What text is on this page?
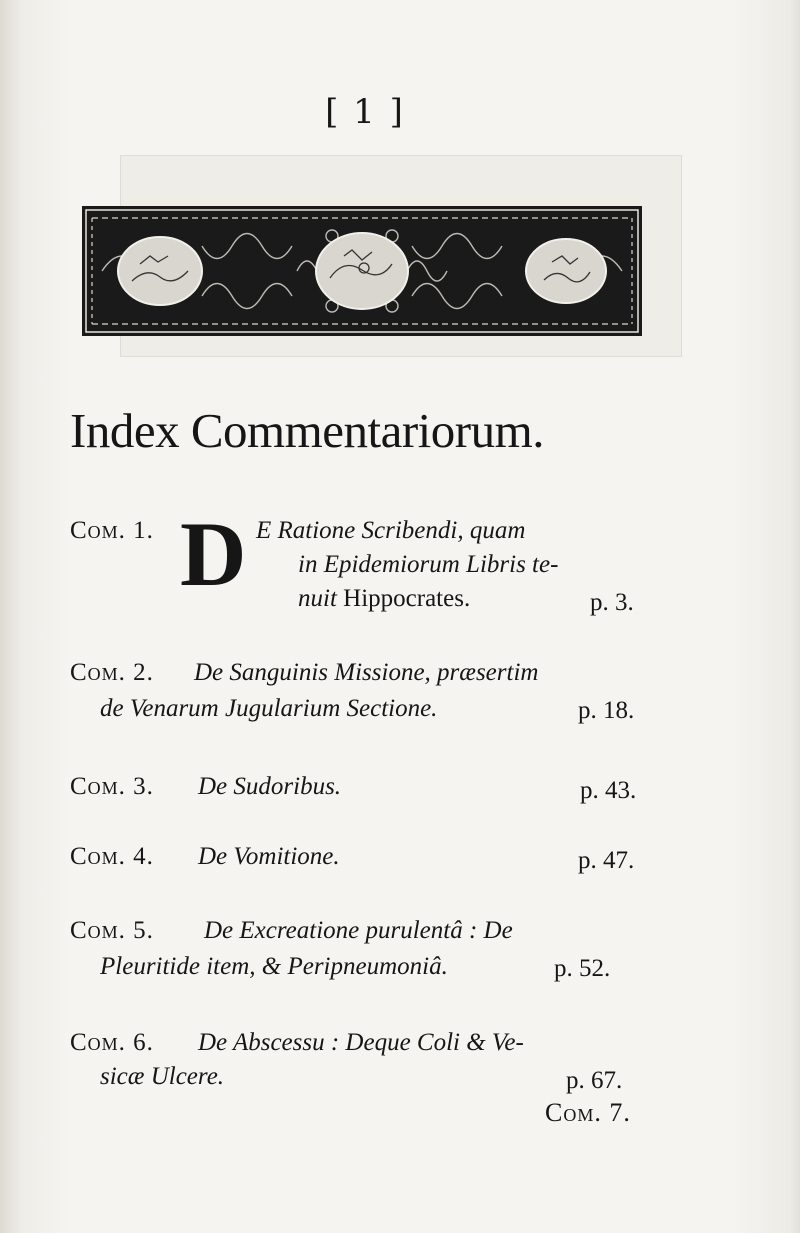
[ 1 ]
Index Commentariorum.
Com. 1. D E Ratione Scribendi, quam
in Epidemiorum Libris te-
nuit Hippocrates.	p. 3.
Com. 2. De Sanguinis Missione, præsertim
de Venarum Jugularium Sectione.	p. 18.
Com. 3. De Sudoribus.	p. 43.
Com. 4. De Vomitione.	p. 47.
Com. 5. De Excreatione purulentâ : De
Pleuritide item, & Peripneumoniâ.	p. 52.
Com. 6. De Abscessu : Deque Coli & Ve-
sicæ Ulcere.	p. 67.
Com. 7.
